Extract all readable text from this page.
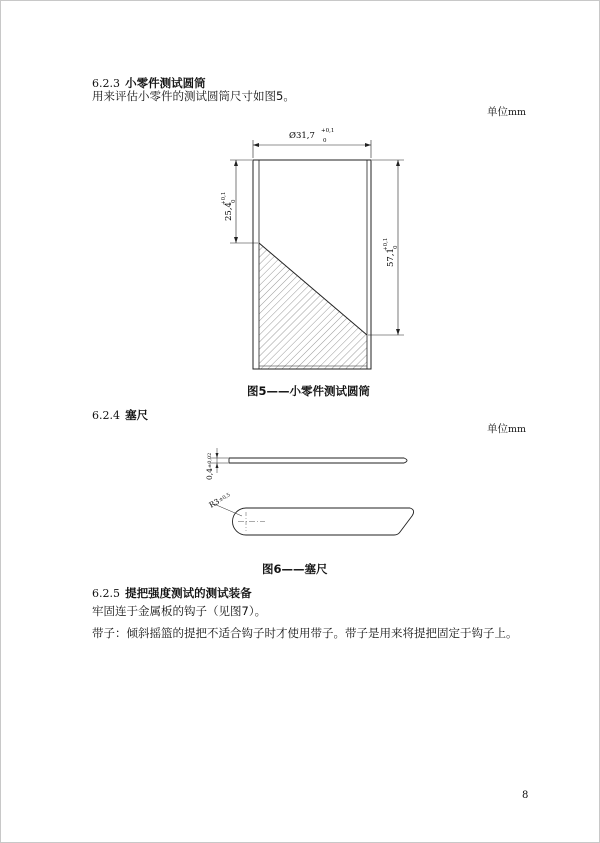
6.2.3 小零件测试圆筒
用来评估小零件的测试圆筒尺寸如图5。
单位mm
Ø31,7 +0,1
0
25,4
+0,1 0
57,1
+0,1 0
图5——小零件测试圆筒
6.2.4 塞尺
单位mm
0,4
±0,02
R3
±0,5
图6——塞尺
6.2.5 提把强度测试的测试装备
牢固连于金属板的钩子（见图7）。
带子：倾斜摇篮的提把不适合钩子时才使用带子。带子是用来将提把固定于钩子上。
8
